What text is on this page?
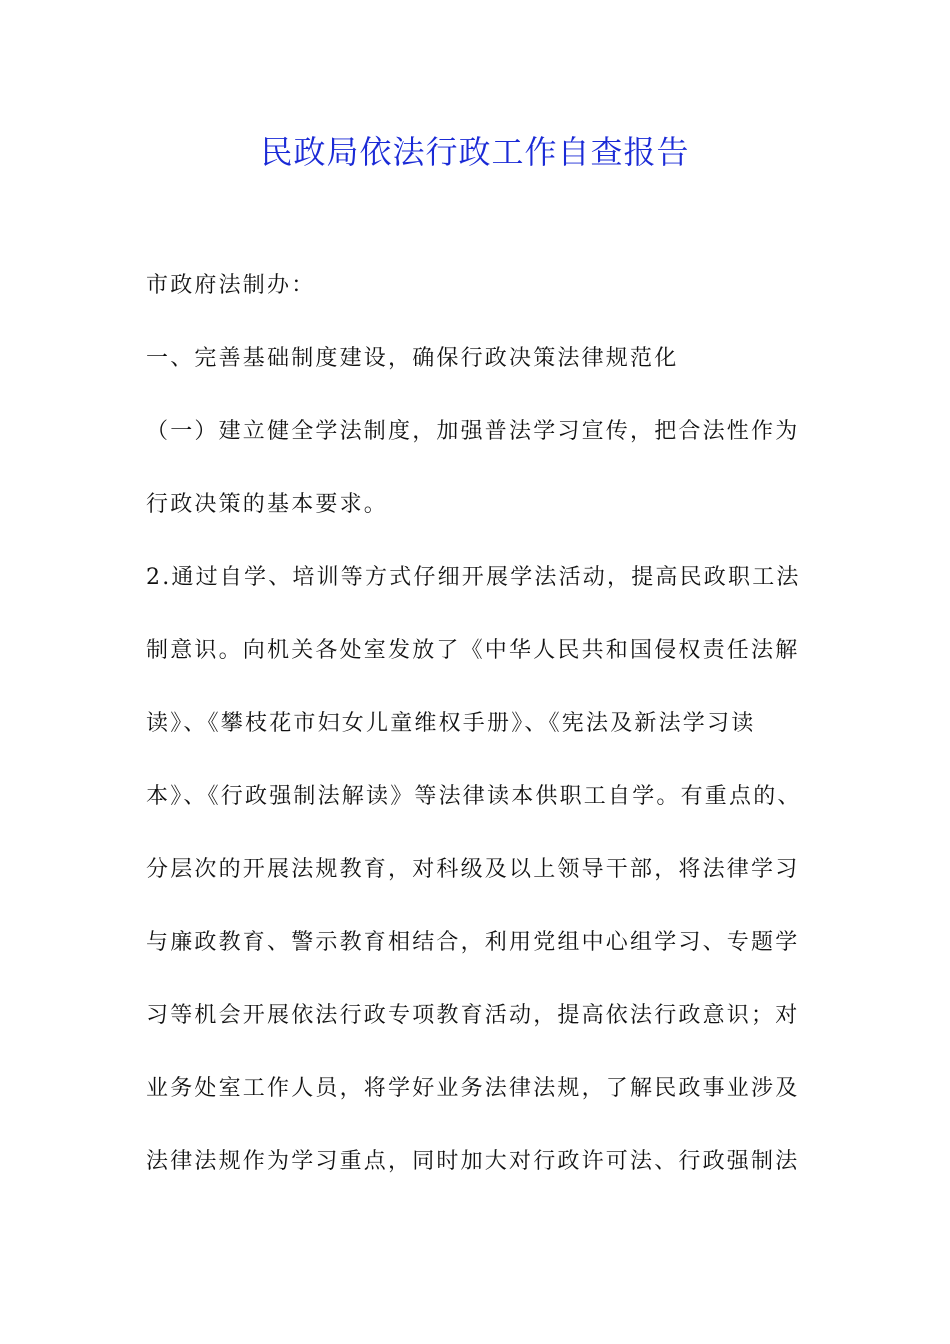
民政局依法行政工作自查报告
市政府法制办：
一、完善基础制度建设，确保行政决策法律规范化
（一）建立健全学法制度，加强普法学习宣传，把合法性作为
行政决策的基本要求。
2.通过自学、培训等方式仔细开展学法活动，提高民政职工法
制意识。向机关各处室发放了《中华人民共和国侵权责任法解
读》、《攀枝花市妇女儿童维权手册》、《宪法及新法学习读
本》、《行政强制法解读》等法律读本供职工自学。有重点的、
分层次的开展法规教育，对科级及以上领导干部，将法律学习
与廉政教育、警示教育相结合，利用党组中心组学习、专题学
习等机会开展依法行政专项教育活动，提高依法行政意识；对
业务处室工作人员，将学好业务法律法规，了解民政事业涉及
法律法规作为学习重点，同时加大对行政许可法、行政强制法
